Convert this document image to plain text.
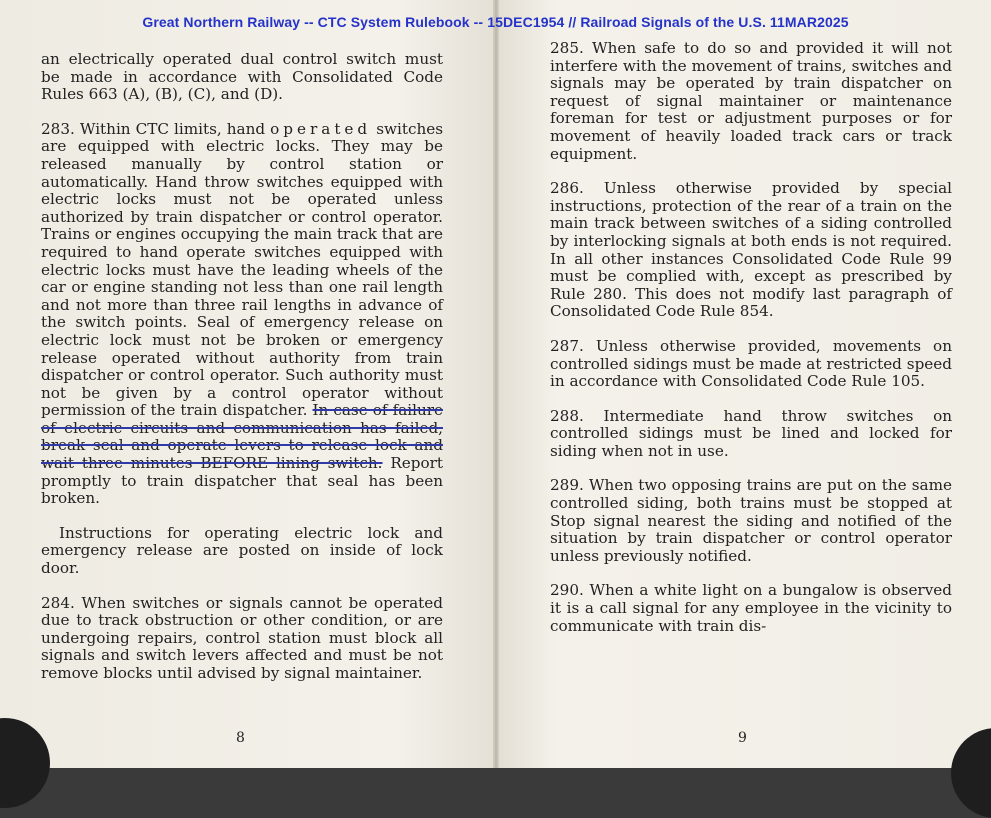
Great Northern Railway -- CTC System Rulebook -- 15DEC1954 // Railroad Signals of the U.S. 11MAR2025

an electrically operated dual control switch must be made in accordance with Consolidated Code Rules 663 (A), (B), (C), and (D).

283. Within CTC limits, hand operated switches are equipped with electric locks. They may be released manually by control station or automatically. Hand throw switches equipped with electric locks must not be operated unless authorized by train dispatcher or control operator. Trains or engines occupying the main track that are required to hand operate switches equipped with electric locks must have the leading wheels of the car or engine standing not less than one rail length and not more than three rail lengths in advance of the switch points. Seal of emergency release on electric lock must not be broken or emergency release operated without authority from train dispatcher or control operator. Such authority must not be given by a control operator without permission of the train dispatcher. In case of failure of electric circuits and communication has failed, break seal and operate levers to release lock and wait three minutes BEFORE lining switch. Report promptly to train dispatcher that seal has been broken.

Instructions for operating electric lock and emergency release are posted on inside of lock door.

284. When switches or signals cannot be operated due to track obstruction or other condition, or are undergoing repairs, control station must block all signals and switch levers affected and must be not remove blocks until advised by signal maintainer.

285. When safe to do so and provided it will not interfere with the movement of trains, switches and signals may be operated by train dispatcher on request of signal maintainer or maintenance foreman for test or adjustment purposes or for movement of heavily loaded track cars or track equipment.

286. Unless otherwise provided by special instructions, protection of the rear of a train on the main track between switches of a siding controlled by interlocking signals at both ends is not required. In all other instances Consolidated Code Rule 99 must be complied with, except as prescribed by Rule 280. This does not modify last paragraph of Consolidated Code Rule 854.

287. Unless otherwise provided, movements on controlled sidings must be made at restricted speed in accordance with Consolidated Code Rule 105.

288. Intermediate hand throw switches on controlled sidings must be lined and locked for siding when not in use.

289. When two opposing trains are put on the same controlled siding, both trains must be stopped at Stop signal nearest the siding and notified of the situation by train dispatcher or control operator unless previously notified.

290. When a white light on a bungalow is observed it is a call signal for any employee in the vicinity to communicate with train dis-

8	9
